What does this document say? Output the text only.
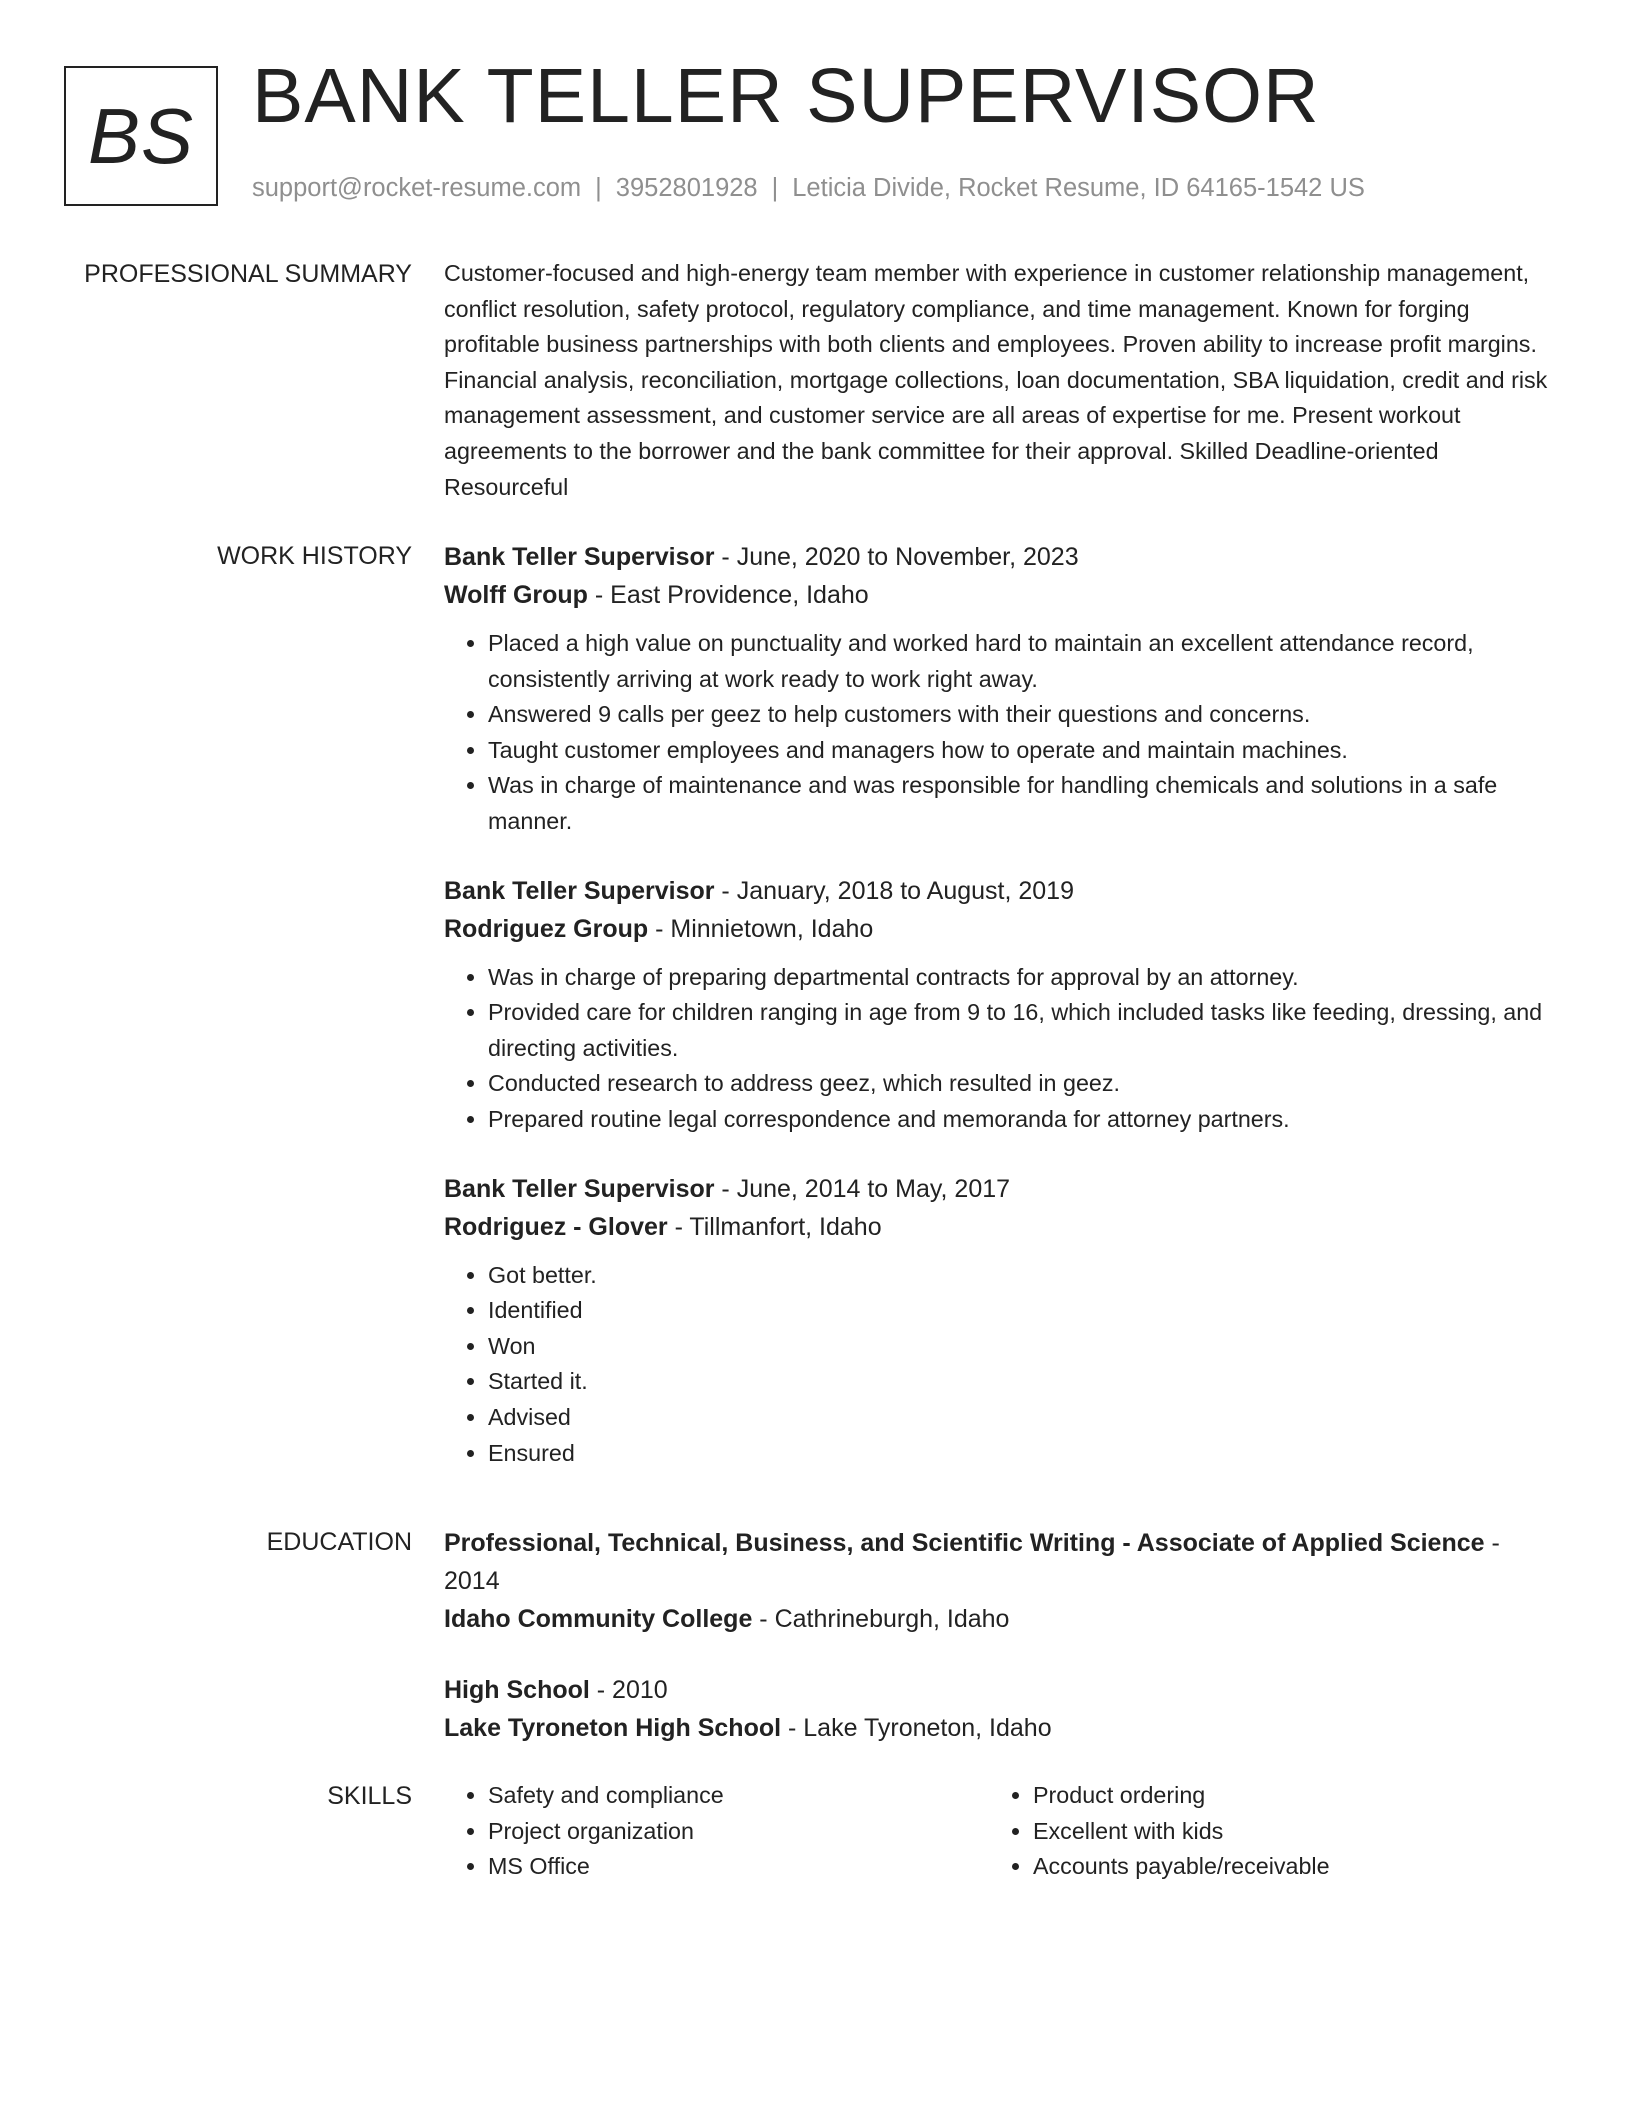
BS BANK TELLER SUPERVISOR
support@rocket-resume.com | 3952801928 | Leticia Divide, Rocket Resume, ID 64165-1542 US
PROFESSIONAL SUMMARY Customer-focused and high-energy team member with experience in customer relationship management, conflict resolution, safety protocol, regulatory compliance, and time management. Known for forging profitable business partnerships with both clients and employees. Proven ability to increase profit margins. Financial analysis, reconciliation, mortgage collections, loan documentation, SBA liquidation, credit and risk management assessment, and customer service are all areas of expertise for me. Present workout agreements to the borrower and the bank committee for their approval. Skilled Deadline-oriented Resourceful

WORK HISTORY Bank Teller Supervisor - June, 2020 to November, 2023
Wolff Group - East Providence, Idaho
• Placed a high value on punctuality and worked hard to maintain an excellent attendance record, consistently arriving at work ready to work right away.
• Answered 9 calls per geez to help customers with their questions and concerns.
• Taught customer employees and managers how to operate and maintain machines.
• Was in charge of maintenance and was responsible for handling chemicals and solutions in a safe manner.
Bank Teller Supervisor - January, 2018 to August, 2019
Rodriguez Group - Minnietown, Idaho
• Was in charge of preparing departmental contracts for approval by an attorney.
• Provided care for children ranging in age from 9 to 16, which included tasks like feeding, dressing, and directing activities.
• Conducted research to address geez, which resulted in geez.
• Prepared routine legal correspondence and memoranda for attorney partners.
Bank Teller Supervisor - June, 2014 to May, 2017
Rodriguez - Glover - Tillmanfort, Idaho
• Got better.
• Identified
• Won
• Started it.
• Advised
• Ensured
EDUCATION Professional, Technical, Business, and Scientific Writing - Associate of Applied Science -
2014
Idaho Community College - Cathrineburgh, Idaho
High School - 2010
Lake Tyroneton High School - Lake Tyroneton, Idaho
SKILLS
•	Safety and compliance
• Project organization
• MS Office
• Product ordering
• Excellent with kids
• Accounts payable/receivable
